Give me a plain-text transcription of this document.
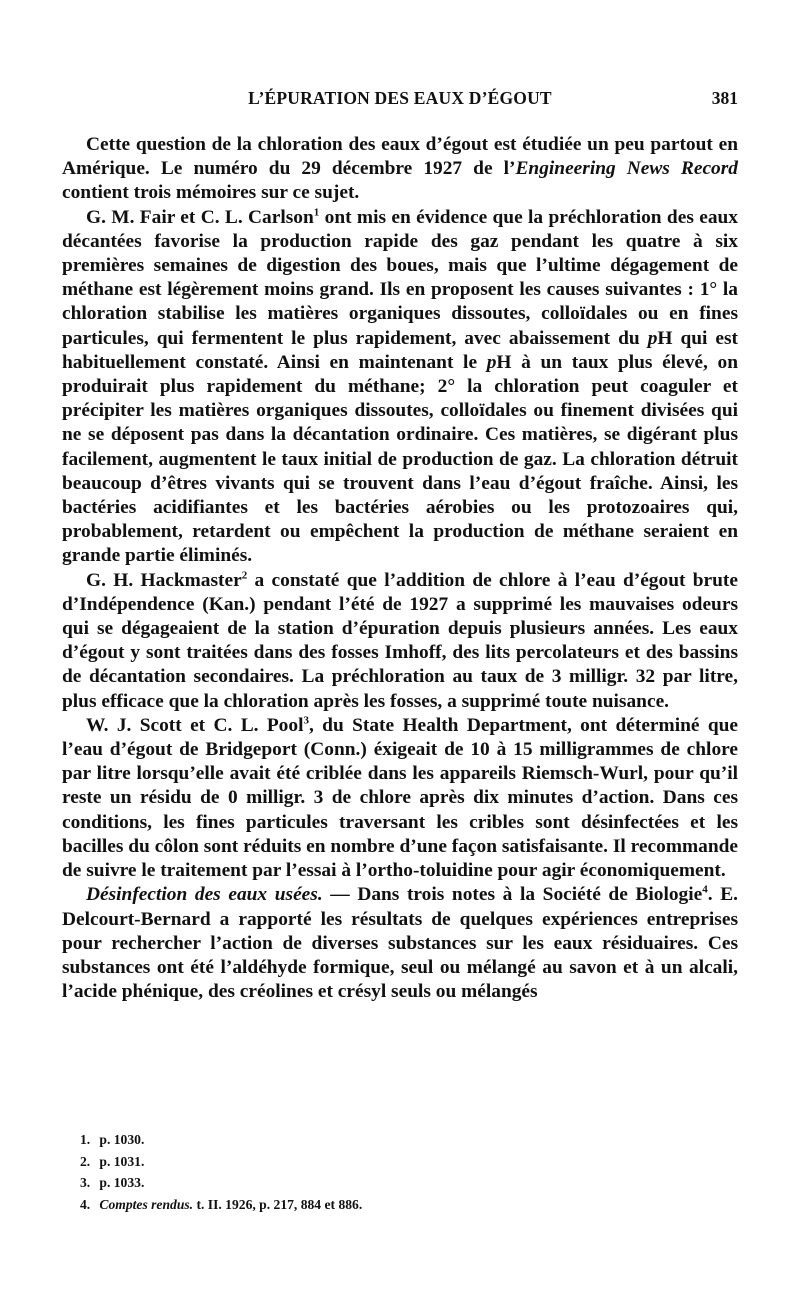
L’ÉPURATION DES EAUX D’ÉGOUT	381

Cette question de la chloration des eaux d’égout est étudiée un peu partout en Amérique. Le numéro du 29 décembre 1927 de l’Engineering News Record contient trois mémoires sur ce sujet.

G. M. Fair et C. L. Carlson$^1$ ont mis en évidence que la préchloration des eaux décantées favorise la production rapide des gaz pendant les quatre à six premières semaines de digestion des boues, mais que l’ultime dégagement de méthane est légèrement moins grand. Ils en proposent les causes suivantes : 1° la chloration stabilise les matières organiques dissoutes, colloïdales ou en fines particules, qui fermentent le plus rapidement, avec abaissement du pH qui est habituellement constaté. Ainsi en maintenant le pH à un taux plus élevé, on produirait plus rapidement du méthane; 2° la chloration peut coaguler et précipiter les matières organiques dissoutes, colloïdales ou finement divisées qui ne se déposent pas dans la décantation ordinaire. Ces matières, se digérant plus facilement, augmentent le taux initial de production de gaz. La chloration détruit beaucoup d’êtres vivants qui se trouvent dans l’eau d’égout fraîche. Ainsi, les bactéries acidifiantes et les bactéries aérobies ou les protozoaires qui, probablement, retardent ou empêchent la production de méthane seraient en grande partie éliminés.

G. H. Hackmaster$^2$ a constaté que l’addition de chlore à l’eau d’égout brute d’Indépendence (Kan.) pendant l’été de 1927 a supprimé les mauvaises odeurs qui se dégageaient de la station d’épuration depuis plusieurs années. Les eaux d’égout y sont traitées dans des fosses Imhoff, des lits percolateurs et des bassins de décantation secondaires. La préchloration au taux de 3 milligr. 32 par litre, plus efficace que la chloration après les fosses, a supprimé toute nuisance.

W. J. Scott et C. L. Pool$^3$, du State Health Department, ont déterminé que l’eau d’égout de Bridgeport (Conn.) éxigeait de 10 à 15 milligrammes de chlore par litre lorsqu’elle avait été criblée dans les appareils Riemsch-Wurl, pour qu’il reste un résidu de 0 milligr. 3 de chlore après dix minutes d’action. Dans ces conditions, les fines particules traversant les cribles sont désinfectées et les bacilles du côlon sont réduits en nombre d’une façon satisfaisante. Il recommande de suivre le traitement par l’essai à l’ortho-toluidine pour agir économiquement.

Désinfection des eaux usées. — Dans trois notes à la Société de Biologie$^4$. E. Delcourt-Bernard a rapporté les résultats de quelques expériences entreprises pour rechercher l’action de diverses substances sur les eaux résiduaires. Ces substances ont été l’aldéhyde formique, seul ou mélangé au savon et à un alcali, l’acide phénique, des créolines et crésyl seuls ou mélangés

1. p. 1030.
2. p. 1031.
3. p. 1033.
4. Comptes rendus. t. II. 1926, p. 217, 884 et 886.
